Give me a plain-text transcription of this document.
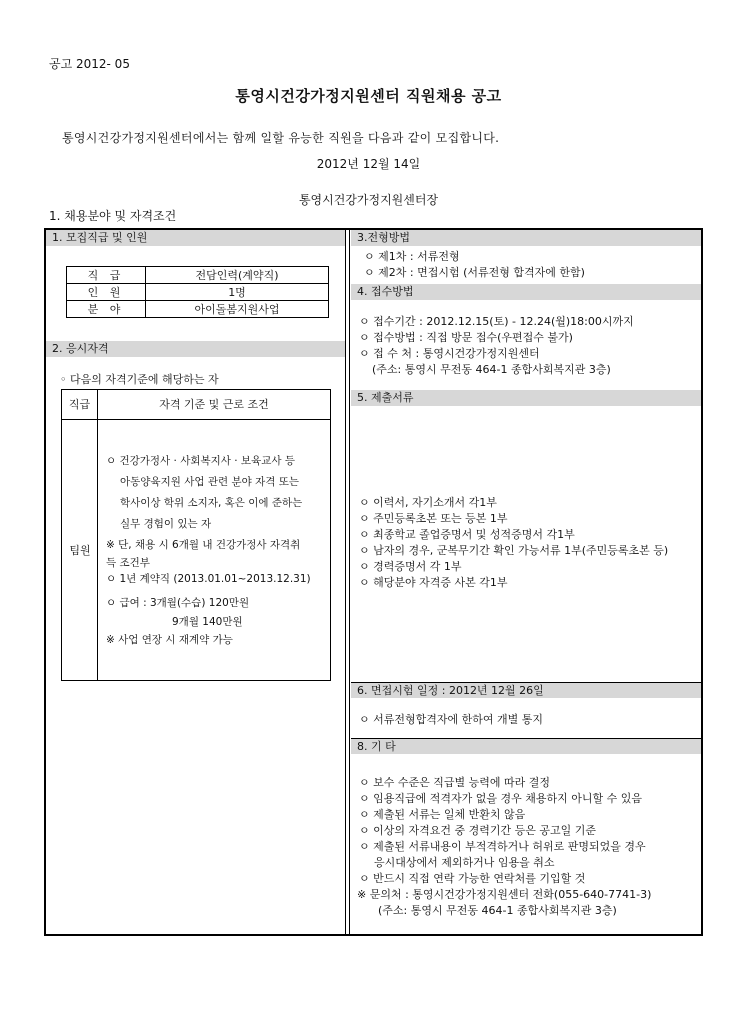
공고 2012- 05
통영시건강가정지원센터 직원채용 공고
통영시건강가정지원센터에서는 함께 일할 유능한 직원을 다음과 같이 모집합니다.
2012년 12월 14일
통영시건강가정지원센터장
1. 채용분야 및 자격조건
1. 모집직급 및 인원
직 급	전담인력(계약직)
인 원	1명
분 야	아이돌봄지원사업
2. 응시자격
◦ 다음의 자격기준에 해당하는 자
직급	자격 기준 및 근로 조건
팀원
ㅇ 건강가정사 · 사회복지사 · 보육교사 등
아동양육지원 사업 관련 분야 자격 또는
학사이상 학위 소지자, 혹은 이에 준하는
실무 경험이 있는 자
※ 단, 채용 시 6개월 내 건강가정사 자격취
득 조건부
ㅇ 1년 계약직 (2013.01.01~2013.12.31)
ㅇ 급여 : 3개월(수습) 120만원
9개월 140만원
※ 사업 연장 시 재계약 가능
3.전형방법
ㅇ 제1차 : 서류전형
ㅇ 제2차 : 면접시험 (서류전형 합격자에 한함)
4. 접수방법
ㅇ 접수기간 : 2012.12.15(토) - 12.24(월)18:00시까지
ㅇ 접수방법 : 직접 방문 접수(우편접수 불가)
ㅇ 접 수 처 : 통영시건강가정지원센터
(주소: 통영시 무전동 464-1 종합사회복지관 3층)
5. 제출서류
ㅇ 이력서, 자기소개서 각1부
ㅇ 주민등록초본 또는 등본 1부
ㅇ 최종학교 졸업증명서 및 성적증명서 각1부
ㅇ 남자의 경우, 군복무기간 확인 가능서류 1부(주민등록초본 등)
ㅇ 경력증명서 각 1부
ㅇ 해당분야 자격증 사본 각1부
6. 면접시험 일정 : 2012년 12월 26일
ㅇ 서류전형합격자에 한하여 개별 통지
8. 기 타
ㅇ 보수 수준은 직급별 능력에 따라 결정
ㅇ 임용직급에 적격자가 없을 경우 채용하지 아니할 수 있음
ㅇ 제출된 서류는 일체 반환치 않음
ㅇ 이상의 자격요건 중 경력기간 등은 공고일 기준
ㅇ 제출된 서류내용이 부적격하거나 허위로 판명되었을 경우
응시대상에서 제외하거나 임용을 취소
ㅇ 반드시 직접 연락 가능한 연락처를 기입할 것
※ 문의처 : 통영시건강가정지원센터 전화(055-640-7741-3)
(주소: 통영시 무전동 464-1 종합사회복지관 3층)
